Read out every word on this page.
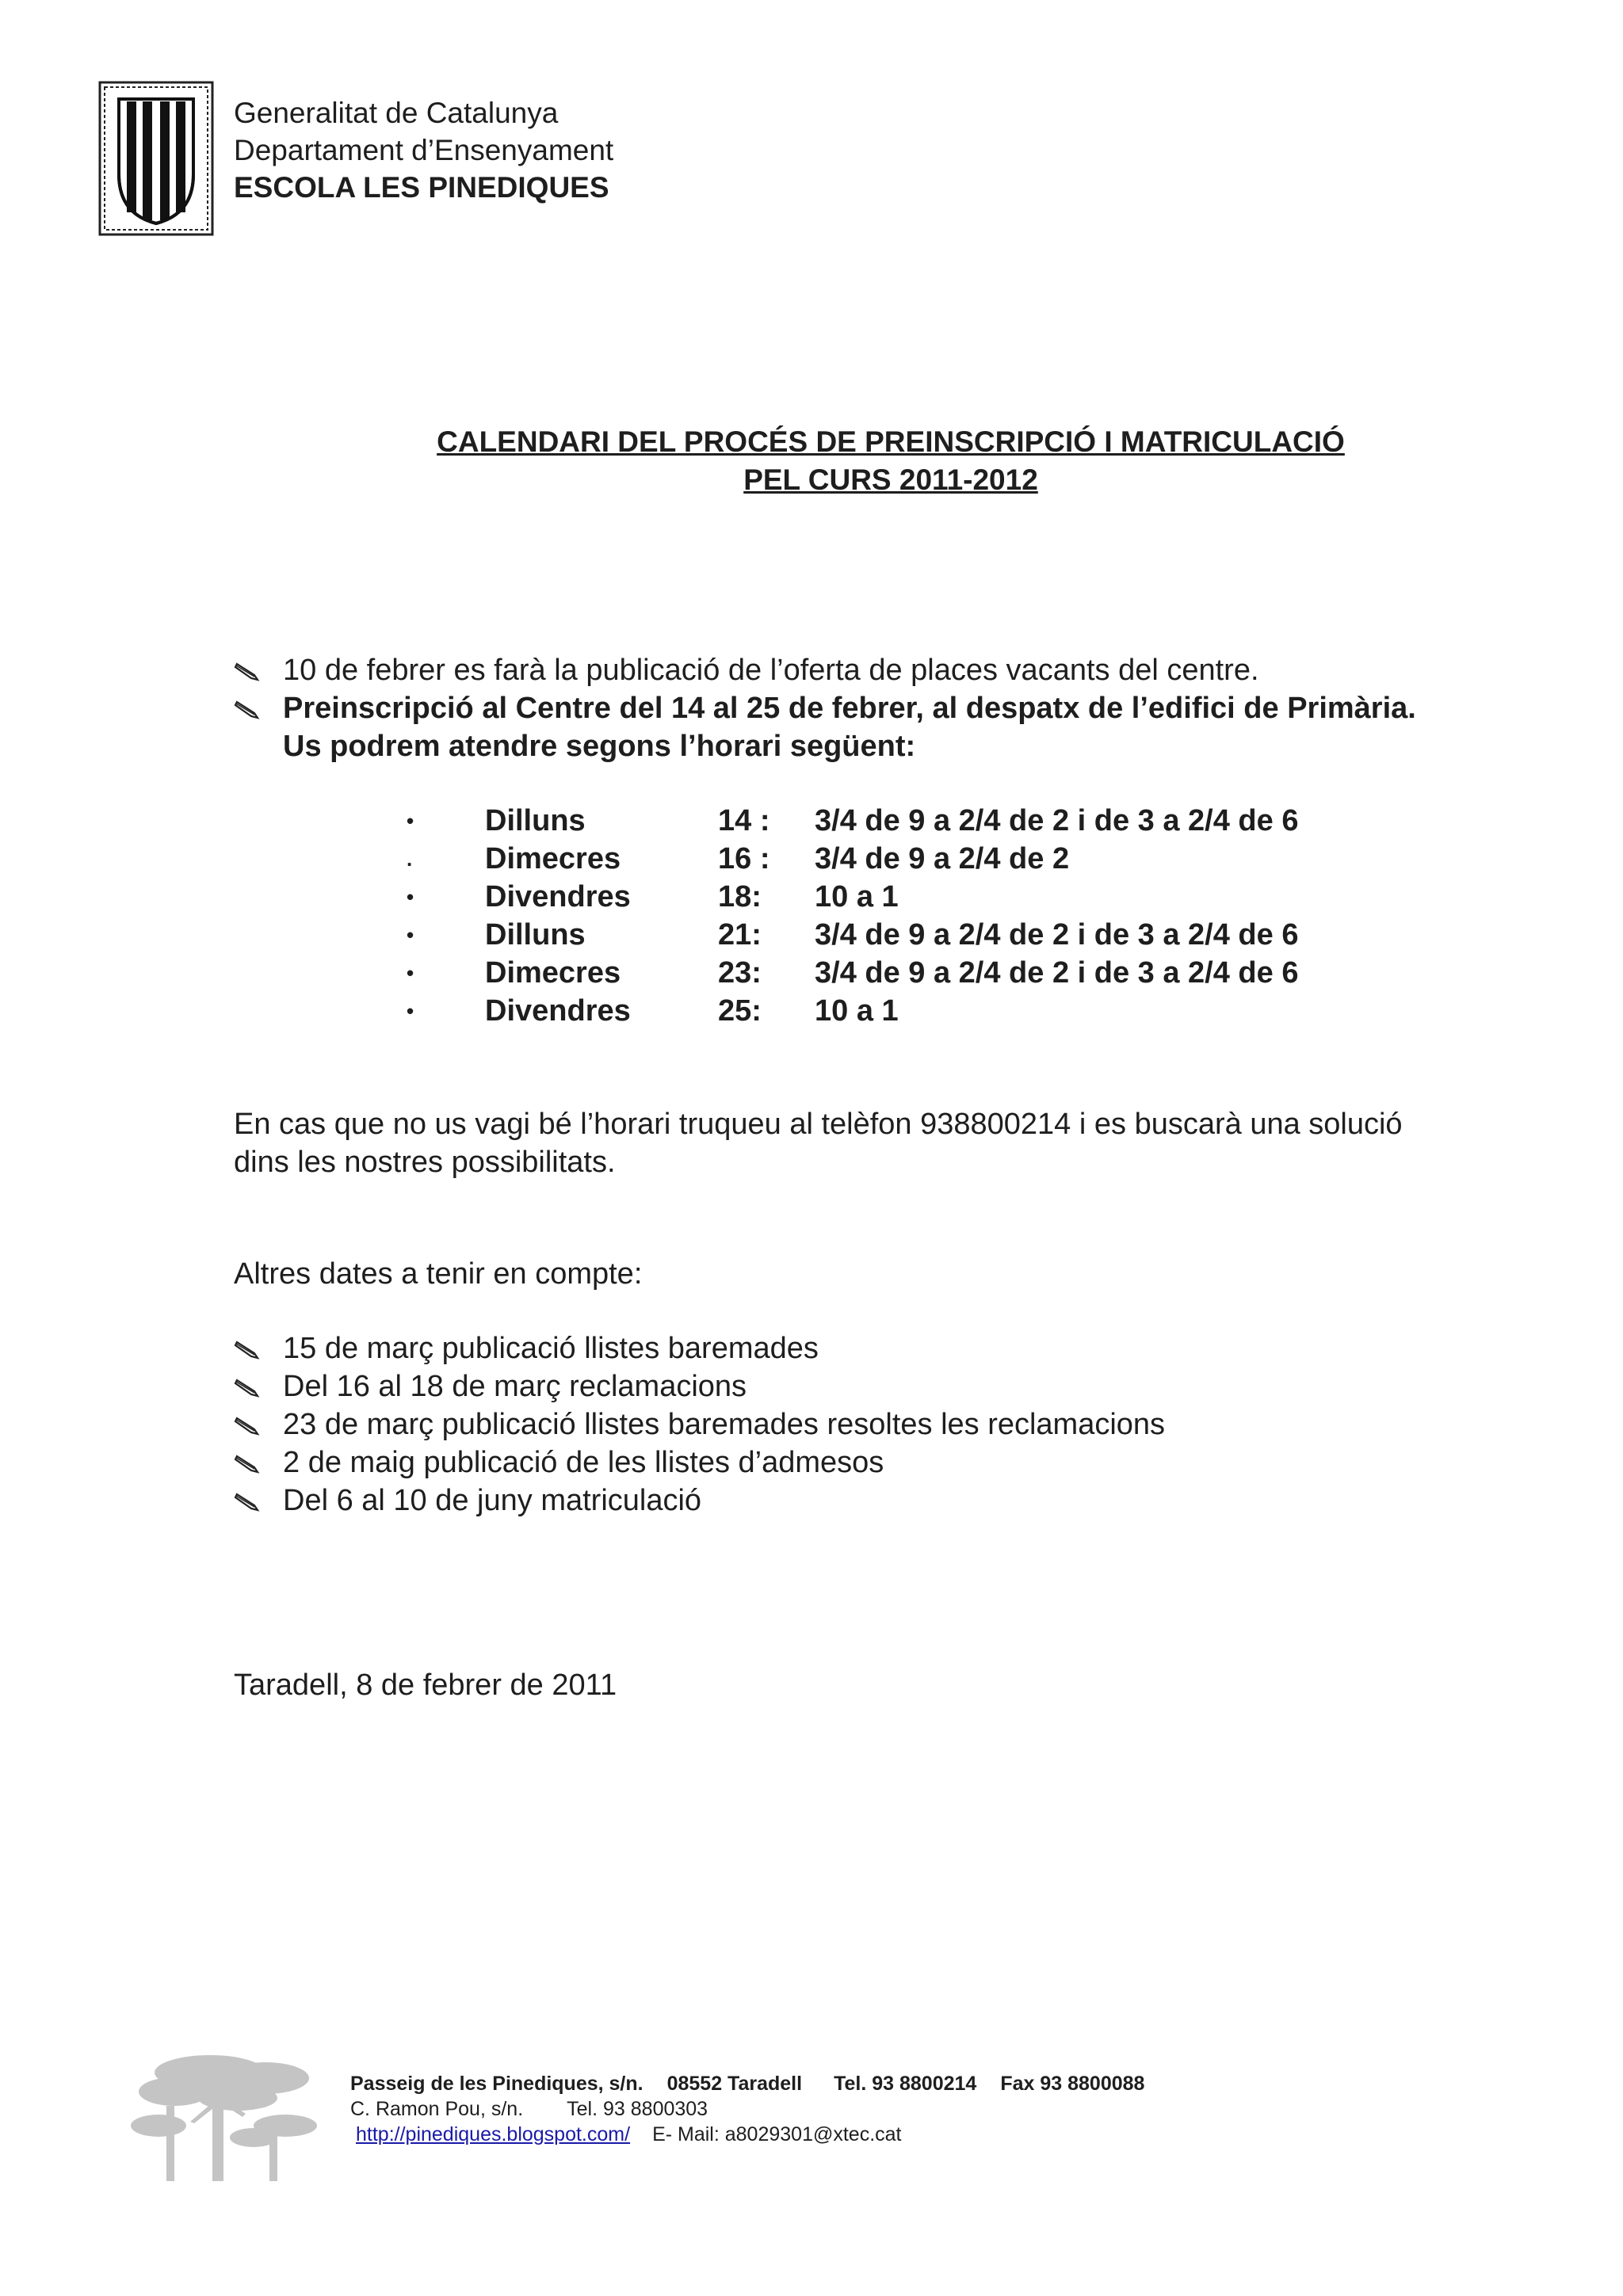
Generalitat de Catalunya
Departament d’Ensenyament
ESCOLA LES PINEDIQUES
CALENDARI DEL PROCÉS DE PREINSCRIPCIÓ I MATRICULACIÓ
PEL CURS 2011-2012
10 de febrer es farà la publicació de l’oferta de places vacants del centre.
Preinscripció al Centre del 14 al 25 de febrer, al despatx de l’edifici de Primària.
Us podrem atendre segons l’horari següent:
• Dilluns	14 : 3/4 de 9 a 2/4 de 2 i de 3 a 2/4 de 6
. Dimecres	16 : 3/4 de 9 a 2/4 de 2
• Divendres	18: 10 a 1
• Dilluns	21: 3/4 de 9 a 2/4 de 2 i de 3 a 2/4 de 6
• Dimecres	23: 3/4 de 9 a 2/4 de 2 i de 3 a 2/4 de 6
• Divendres	25: 10 a 1
En cas que no us vagi bé l’horari truqueu al telèfon 938800214 i es buscarà una solució
dins les nostres possibilitats.
Altres dates a tenir en compte:
15 de març publicació llistes baremades
Del 16 al 18 de març reclamacions
23 de març publicació llistes baremades resoltes les reclamacions
2 de maig publicació de les llistes d’admesos
Del 6 al 10 de juny matriculació
Taradell, 8 de febrer de 2011
Passeig de les Pinediques, s/n. 08552 Taradell Tel. 93 8800214 Fax 93 8800088
C. Ramon Pou, s/n. Tel. 93 8800303
http://pinediques.blogspot.com/ E- Mail: a8029301@xtec.cat
